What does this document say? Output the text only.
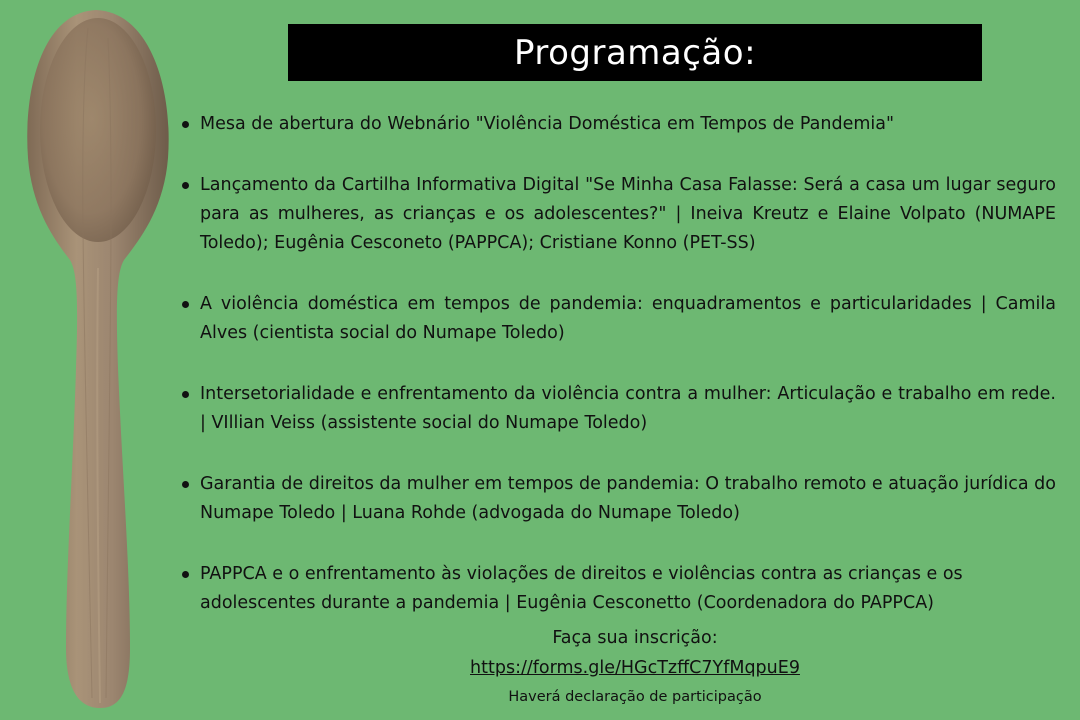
Programação:
Mesa de abertura do Webnário "Violência Doméstica em Tempos de Pandemia"
Lançamento da Cartilha Informativa Digital "Se Minha Casa Falasse: Será a casa um lugar seguro para as mulheres, as crianças e os adolescentes?" | Ineiva Kreutz e Elaine Volpato (NUMAPE Toledo); Eugênia Cesconeto (PAPPCA); Cristiane Konno (PET-SS)
A violência doméstica em tempos de pandemia: enquadramentos e particularidades | Camila Alves (cientista social do Numape Toledo)
Intersetorialidade e enfrentamento da violência contra a mulher: Articulação e trabalho em rede. | VIllian Veiss (assistente social do Numape Toledo)
Garantia de direitos da mulher em tempos de pandemia: O trabalho remoto e atuação jurídica do Numape Toledo | Luana Rohde (advogada do Numape Toledo)
PAPPCA e o enfrentamento às violações de direitos e violências contra as crianças e os adolescentes durante a pandemia | Eugênia Cesconetto (Coordenadora do PAPPCA)
Faça sua inscrição:
https://forms.gle/HGcTzffC7YfMqpuE9
Haverá declaração de participação
